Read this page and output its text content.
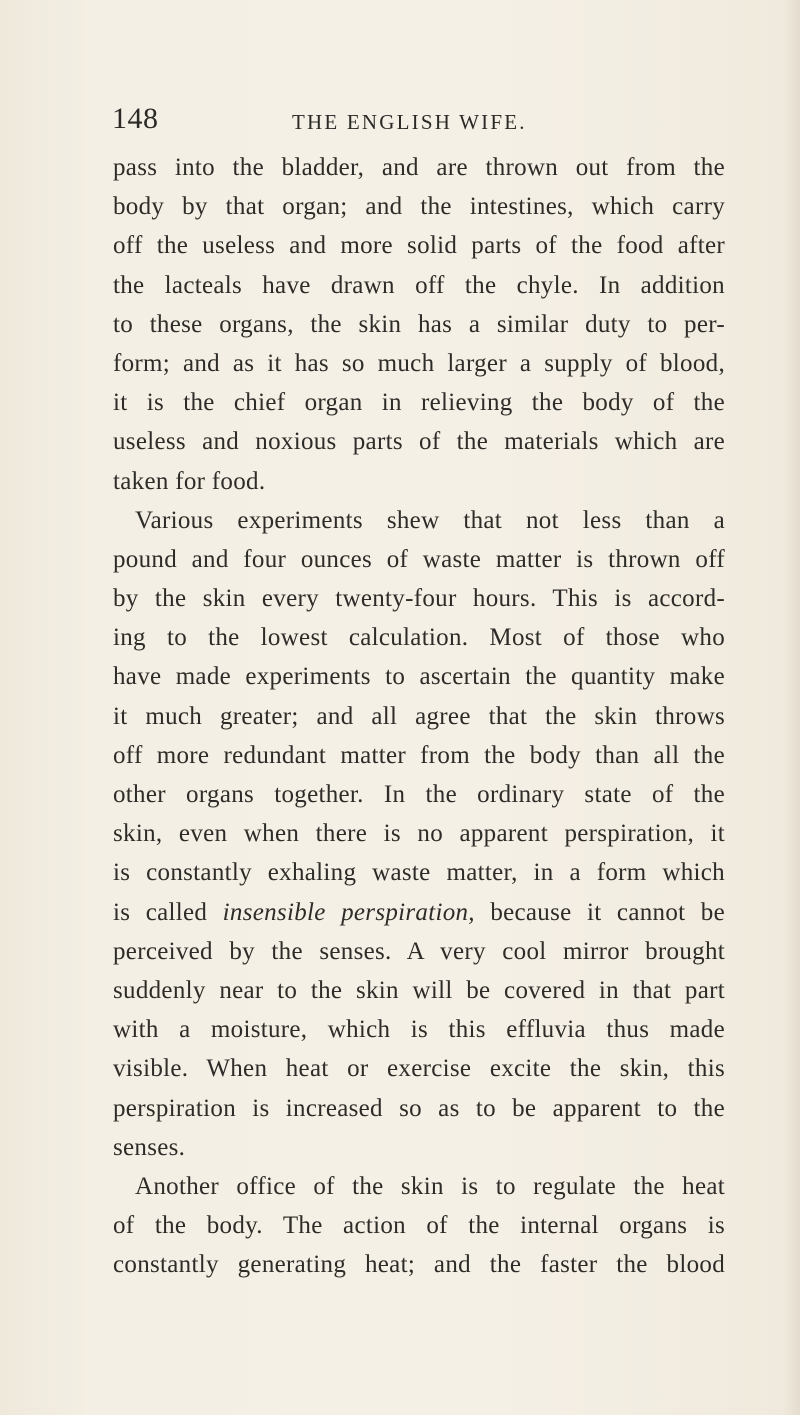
148	THE ENGLISH WIFE.
pass into the bladder, and are thrown out from the
body by that organ; and the intestines, which carry
off the useless and more solid parts of the food after
the lacteals have drawn off the chyle. In addition
to these organs, the skin has a similar duty to per-
form; and as it has so much larger a supply of blood,
it is the chief organ in relieving the body of the
useless and noxious parts of the materials which are
taken for food.
Various experiments shew that not less than a
pound and four ounces of waste matter is thrown off
by the skin every twenty-four hours. This is accord-
ing to the lowest calculation. Most of those who
have made experiments to ascertain the quantity make
it much greater; and all agree that the skin throws
off more redundant matter from the body than all the
other organs together. In the ordinary state of the
skin, even when there is no apparent perspiration, it
is constantly exhaling waste matter, in a form which
is called insensible perspiration, because it cannot be
perceived by the senses. A very cool mirror brought
suddenly near to the skin will be covered in that part
with a moisture, which is this effluvia thus made
visible. When heat or exercise excite the skin, this
perspiration is increased so as to be apparent to the
senses.
Another office of the skin is to regulate the heat
of the body. The action of the internal organs is
constantly generating heat; and the faster the blood
